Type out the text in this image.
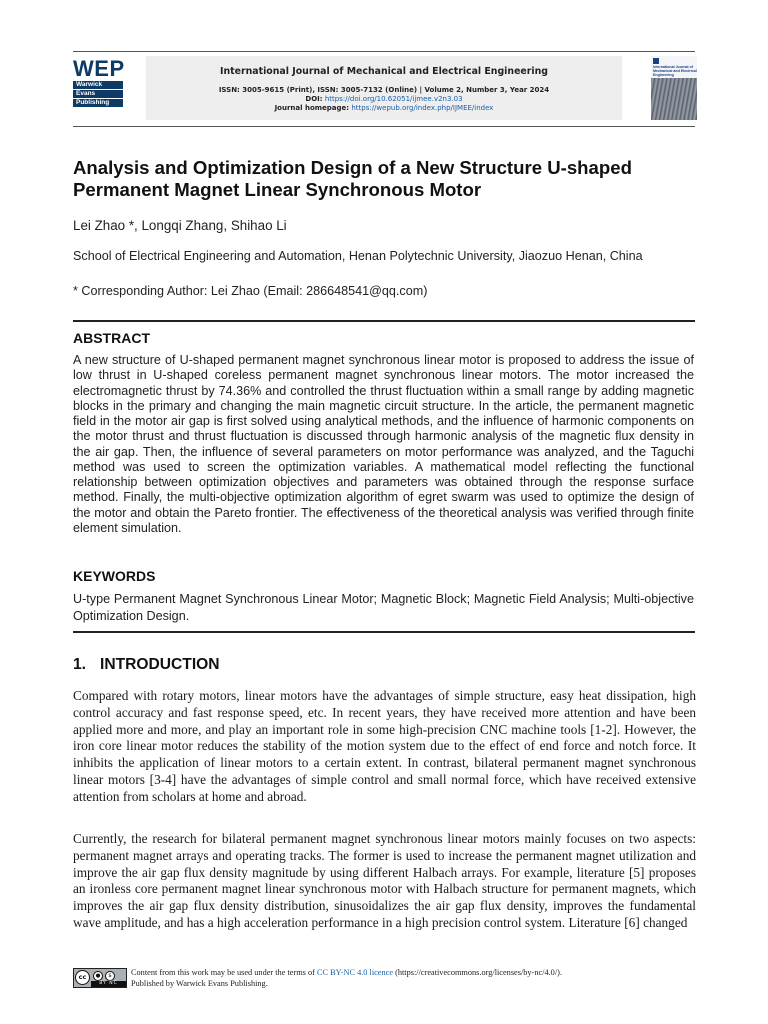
WEP
Warwick
Evans
Publishing
International Journal of Mechanical and Electrical Engineering
ISSN: 3005-9615 (Print), ISSN: 3005-7132 (Online) | Volume 2, Number 3, Year 2024
DOI: https://doi.org/10.62051/ijmee.v2n3.03
Journal homepage: https://wepub.org/index.php/IJMEE/index
International Journal of Mechanical and Electrical Engineering
Analysis and Optimization Design of a New Structure U-shaped Permanent Magnet Linear Synchronous Motor
Lei Zhao *, Longqi Zhang, Shihao Li
School of Electrical Engineering and Automation, Henan Polytechnic University, Jiaozuo Henan, China
* Corresponding Author: Lei Zhao (Email: 286648541@qq.com)
ABSTRACT
A new structure of U-shaped permanent magnet synchronous linear motor is proposed to address the issue of low thrust in U-shaped coreless permanent magnet synchronous linear motors. The motor increased the electromagnetic thrust by 74.36% and controlled the thrust fluctuation within a small range by adding magnetic blocks in the primary and changing the main magnetic circuit structure. In the article, the permanent magnetic field in the motor air gap is first solved using analytical methods, and the influence of harmonic components on the motor thrust and thrust fluctuation is discussed through harmonic analysis of the magnetic flux density in the air gap. Then, the influence of several parameters on motor performance was analyzed, and the Taguchi method was used to screen the optimization variables. A mathematical model reflecting the functional relationship between optimization objectives and parameters was obtained through the response surface method. Finally, the multi-objective optimization algorithm of egret swarm was used to optimize the design of the motor and obtain the Pareto frontier. The effectiveness of the theoretical analysis was verified through finite element simulation.
KEYWORDS
U-type Permanent Magnet Synchronous Linear Motor; Magnetic Block; Magnetic Field Analysis; Multi-objective Optimization Design.
1. INTRODUCTION
Compared with rotary motors, linear motors have the advantages of simple structure, easy heat dissipation, high control accuracy and fast response speed, etc. In recent years, they have received more attention and have been applied more and more, and play an important role in some high-precision CNC machine tools [1-2]. However, the iron core linear motor reduces the stability of the motion system due to the effect of end force and notch force. It inhibits the application of linear motors to a certain extent. In contrast, bilateral permanent magnet synchronous linear motors [3-4] have the advantages of simple control and small normal force, which have received extensive attention from scholars at home and abroad.
Currently, the research for bilateral permanent magnet synchronous linear motors mainly focuses on two aspects: permanent magnet arrays and operating tracks. The former is used to increase the permanent magnet utilization and improve the air gap flux density magnitude by using different Halbach arrays. For example, literature [5] proposes an ironless core permanent magnet linear synchronous motor with Halbach structure for permanent magnets, which improves the air gap flux density distribution, sinusoidalizes the air gap flux density, improves the fundamental wave amplitude, and has a high acceleration performance in a high precision control system. Literature [6] changed
cc	●	$
BY NC
Content from this work may be used under the terms of CC BY-NC 4.0 licence (https://creativecommons.org/licenses/by-nc/4.0/).
Published by Warwick Evans Publishing.
